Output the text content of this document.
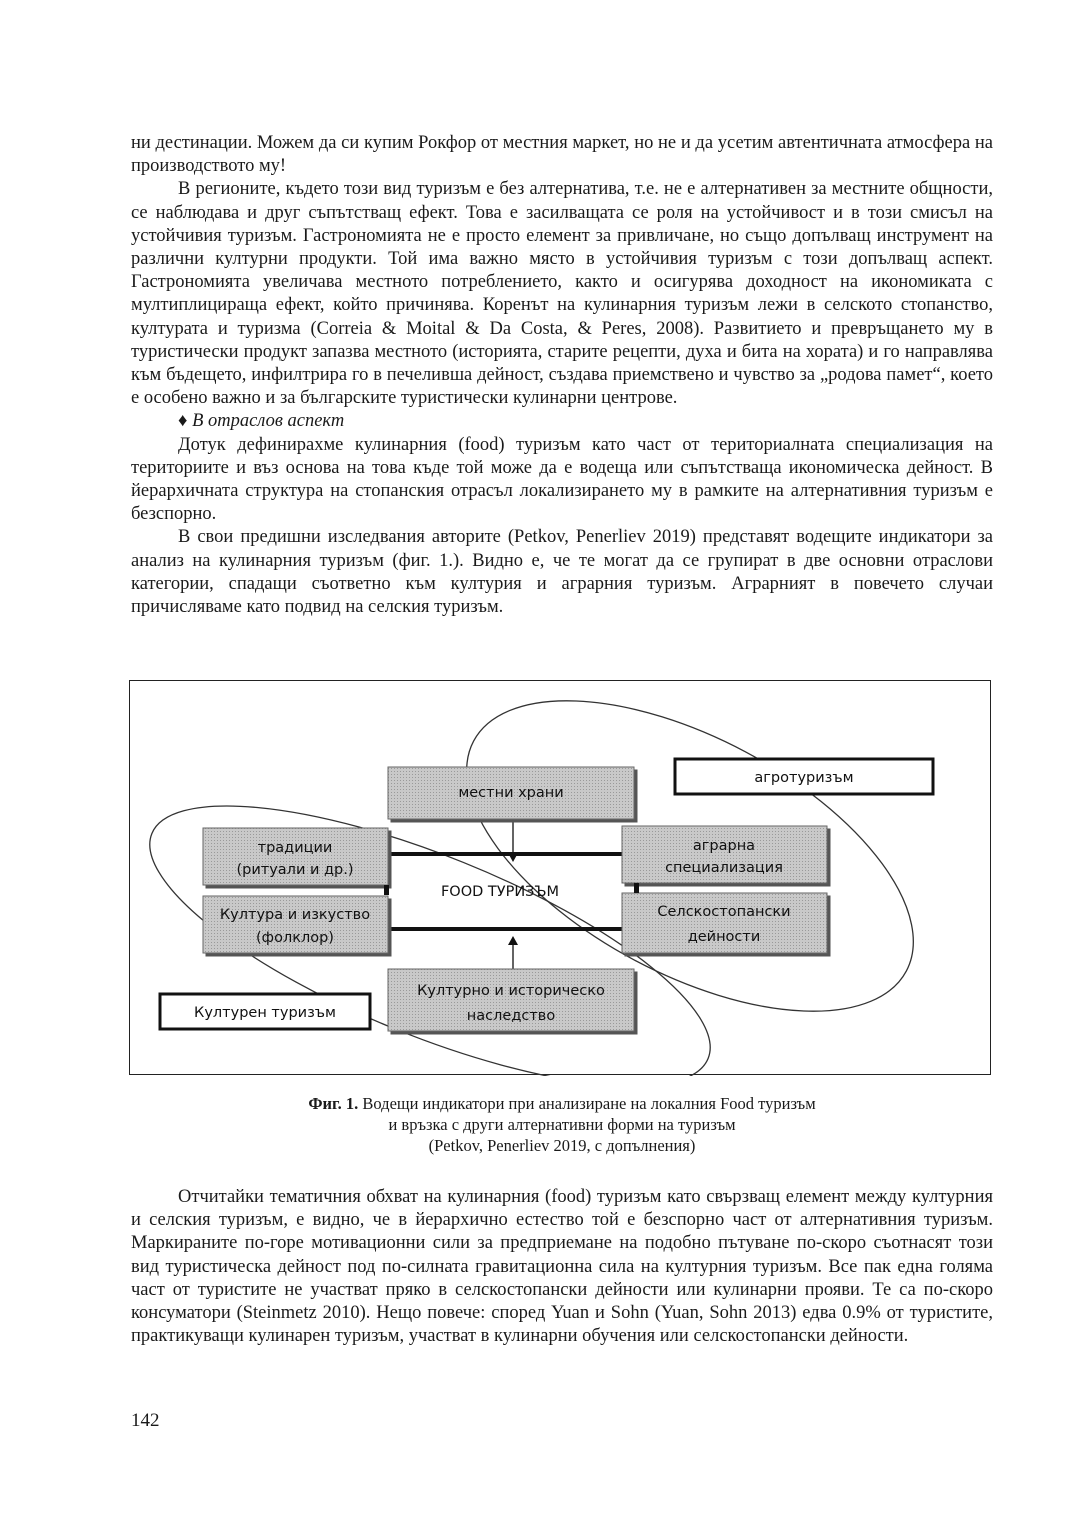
ни дестинации. Можем да си купим Рокфор от местния маркет, но не и да усетим автентичната атмосфера на производството му!

В регионите, където този вид туризъм е без алтернатива, т.е. не е алтернативен за местните общности, се наблюдава и друг съпътстващ ефект. Това е засилващата се роля на устойчивост и в този смисъл на устойчивия туризъм. Гастрономията не е просто елемент за привличане, но също допълващ инструмент на различни културни продукти. Той има важно място в устойчивия туризъм с този допълващ аспект. Гастрономията увеличава местното потреблението, както и осигурява доходност на икономиката с мултиплицираща ефект, който причинява. Коренът на кулинарния туризъм лежи в селското стопанство, културата и туризма (Correia & Moital & Da Costa, & Peres, 2008). Развитието и превръщането му в туристически продукт запазва местното (историята, старите рецепти, духа и бита на хората) и го направлява към бъдещето, инфилтрира го в печеливша дейност, създава приемствено и чувство за „родова памет“, което е особено важно и за българските туристически кулинарни центрове.

♦ В отраслов аспект

Дотук дефинирахме кулинарния (food) туризъм като част от териториалната специализация на териториите и въз основа на това къде той може да е водеща или съпътстваща икономическа дейност. В йерархичната структура на стопанския отрасъл локализирането му в рамките на алтернативния туризъм е безспорно.

В свои предишни изследвания авторите (Petkov, Penerliev 2019) представят водещите индикатори за анализ на кулинарния туризъм (фиг. 1.). Видно е, че те могат да се групират в две основни отраслови категории, спадащи съответно към културия и аграрния туризъм. Аграрният в повечето случаи причисляваме като подвид на селския туризъм.

местни храни
агротуризъм
традиции
(ритуали и др.)
аграрна
специализация
FOOD ТУРИЗЪМ
Култура и изкуство
(фолклор)
Селскостопански
дейности
Културно и историческо
наследство
Културен туризъм

Фиг. 1. Водещи индикатори при анализиране на локалния Food туризъм

и връзка с други алтернативни форми на туризъм

(Petkov, Penerliev 2019, с допълнения)

Отчитайки тематичния обхват на кулинарния (food) туризъм като свързващ елемент между културния и селския туризъм, е видно, че в йерархично естество той е безспорно част от алтернативния туризъм. Маркираните по-горе мотивационни сили за предприемане на подобно пътуване по-скоро съотнасят този вид туристическа дейност под по-силната гравитационна сила на културния туризъм. Все пак една голяма част от туристите не участват пряко в селскостопански дейности или кулинарни прояви. Те са по-скоро консуматори (Steinmetz 2010). Нещо повече: според Yuan и Sohn (Yuan, Sohn 2013) едва 0.9% от туристите, практикуващи кулинарен туризъм, участват в кулинарни обучения или селскостопански дейности.

142
